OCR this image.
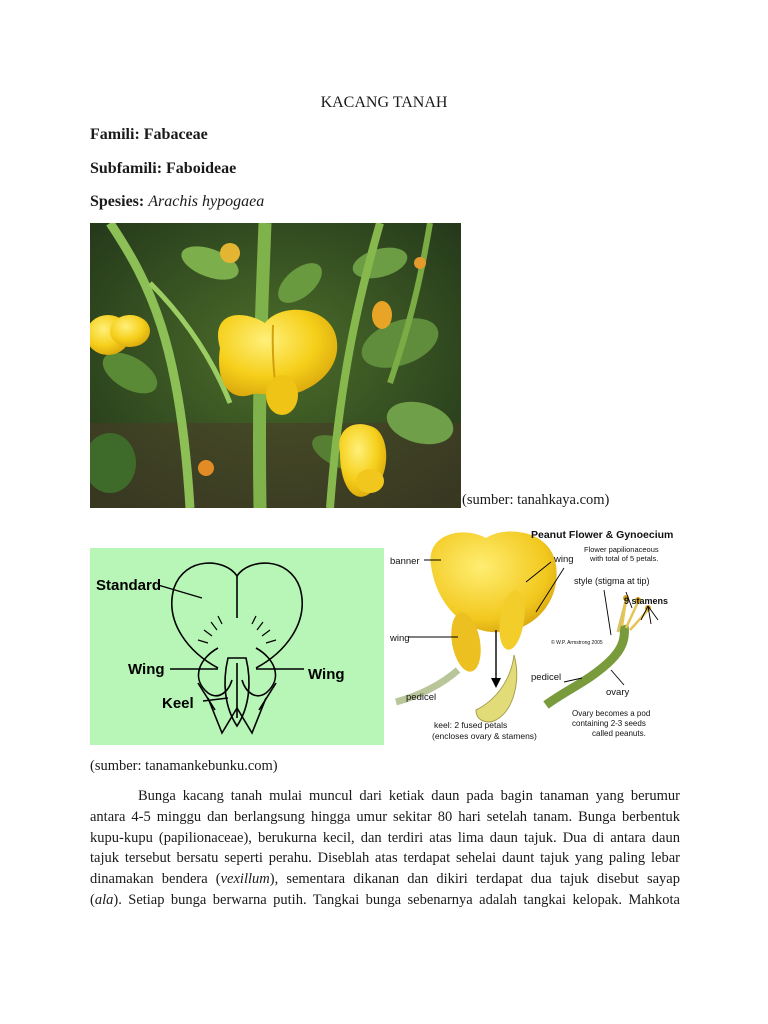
KACANG TANAH
Famili: Fabaceae
Subfamili: Faboideae
Spesies: Arachis hypogaea
(sumber: tanahkaya.com)
Standard
Wing	Wing
Keel
Peanut Flower & Gynoecium
banner	wing
Flower papilionaceous
with total of 5 petals.
style (stigma at tip)
9 stamens
wing	© W.P. Armstrong 2005
pedicel
pedicel
ovary
Ovary becomes a pod
containing 2-3 seeds
called peanuts.
keel: 2 fused petals
(encloses ovary & stamens)
(sumber: tanamankebunku.com)
Bunga kacang tanah mulai muncul dari ketiak daun pada bagin tanaman yang berumur
antara 4-5 minggu dan berlangsung hingga umur sekitar 80 hari setelah tanam. Bunga berbentuk
kupu-kupu (papilionaceae), berukurna kecil, dan terdiri atas lima daun tajuk. Dua di antara daun
tajuk tersebut bersatu seperti perahu. Diseblah atas terdapat sehelai daunt tajuk yang paling lebar
dinamakan bendera (vexillum), sementara dikanan dan dikiri terdapat dua tajuk disebut sayap
(ala). Setiap bunga berwarna putih. Tangkai bunga sebenarnya adalah tangkai kelopak. Mahkota
